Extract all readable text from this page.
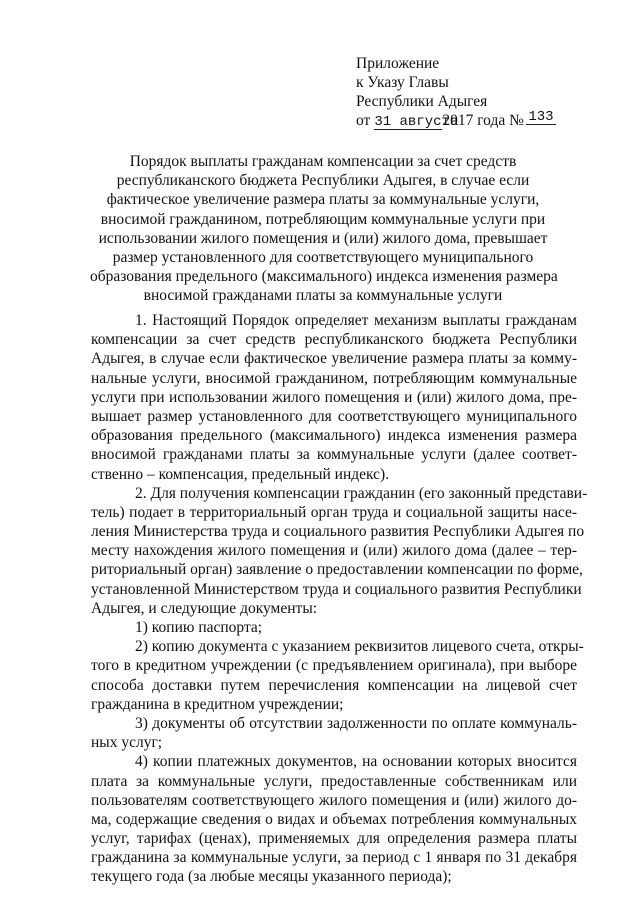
Приложение
к Указу Главы
Республики Адыгея
от 31 августа2017 года № 133
Порядок выплаты гражданам компенсации за счет средств
республиканского бюджета Республики Адыгея, в случае если
фактическое увеличение размера платы за коммунальные услуги,
вносимой гражданином, потребляющим коммунальные услуги при
использовании жилого помещения и (или) жилого дома, превышает
размер установленного для соответствующего муниципального
образования предельного (максимального) индекса изменения размера
вносимой гражданами платы за коммунальные услуги
1. Настоящий Порядок определяет механизм выплаты гражданам
компенсации за счет средств республиканского бюджета Республики
Адыгея, в случае если фактическое увеличение размера платы за комму-
нальные услуги, вносимой гражданином, потребляющим коммунальные
услуги при использовании жилого помещения и (или) жилого дома, пре-
вышает размер установленного для соответствующего муниципального
образования предельного (максимального) индекса изменения размера
вносимой гражданами платы за коммунальные услуги (далее соответ-
ственно – компенсация, предельный индекс).
2. Для получения компенсации гражданин (его законный представи-
тель) подает в территориальный орган труда и социальной защиты насе-
ления Министерства труда и социального развития Республики Адыгея по
месту нахождения жилого помещения и (или) жилого дома (далее – тер-
риториальный орган) заявление о предоставлении компенсации по форме,
установленной Министерством труда и социального развития Республики
Адыгея, и следующие документы:
1) копию паспорта;
2) копию документа с указанием реквизитов лицевого счета, откры-
того в кредитном учреждении (с предъявлением оригинала), при выборе
способа доставки путем перечисления компенсации на лицевой счет
гражданина в кредитном учреждении;
3) документы об отсутствии задолженности по оплате коммуналь-
ных услуг;
4) копии платежных документов, на основании которых вносится
плата за коммунальные услуги, предоставленные собственникам или
пользователям соответствующего жилого помещения и (или) жилого до-
ма, содержащие сведения о видах и объемах потребления коммунальных
услуг, тарифах (ценах), применяемых для определения размера платы
гражданина за коммунальные услуги, за период с 1 января по 31 декабря
текущего года (за любые месяцы указанного периода);
